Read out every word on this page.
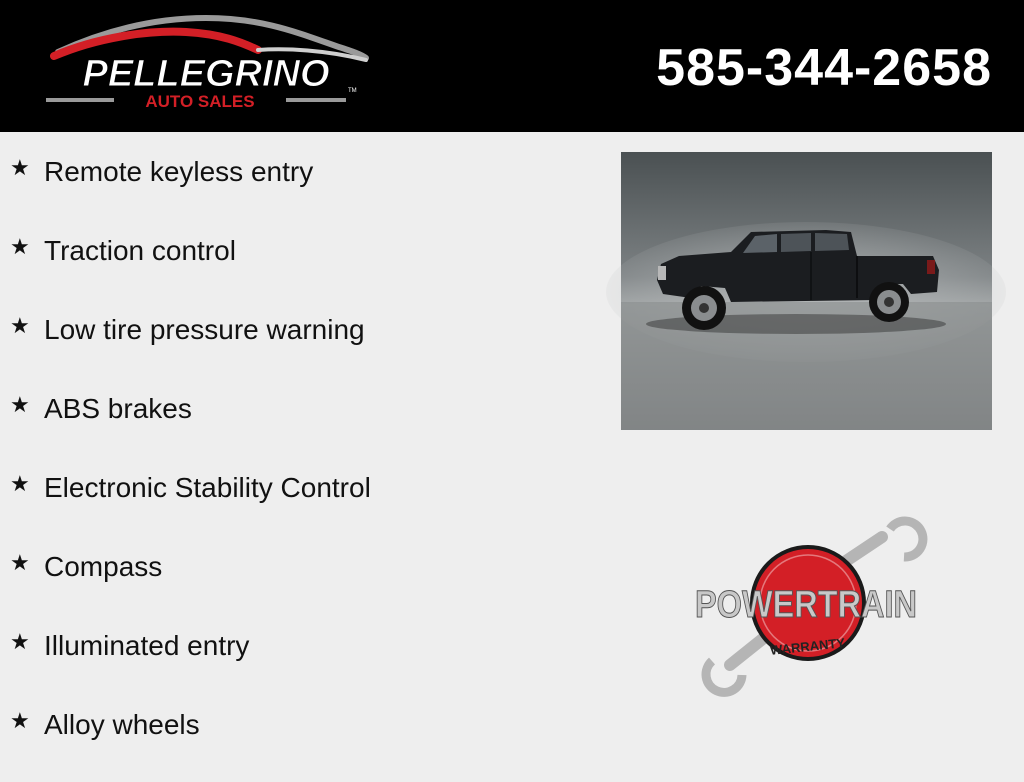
PELLEGRINO
AUTO SALES
TM	585-344-2658
★ Remote keyless entry
★ Traction control
★ Low tire pressure warning
★ ABS brakes
★ Electronic Stability Control
★ Compass
★ Illuminated entry
★ Alloy wheels
POWERTRAIN
WARRANTY
